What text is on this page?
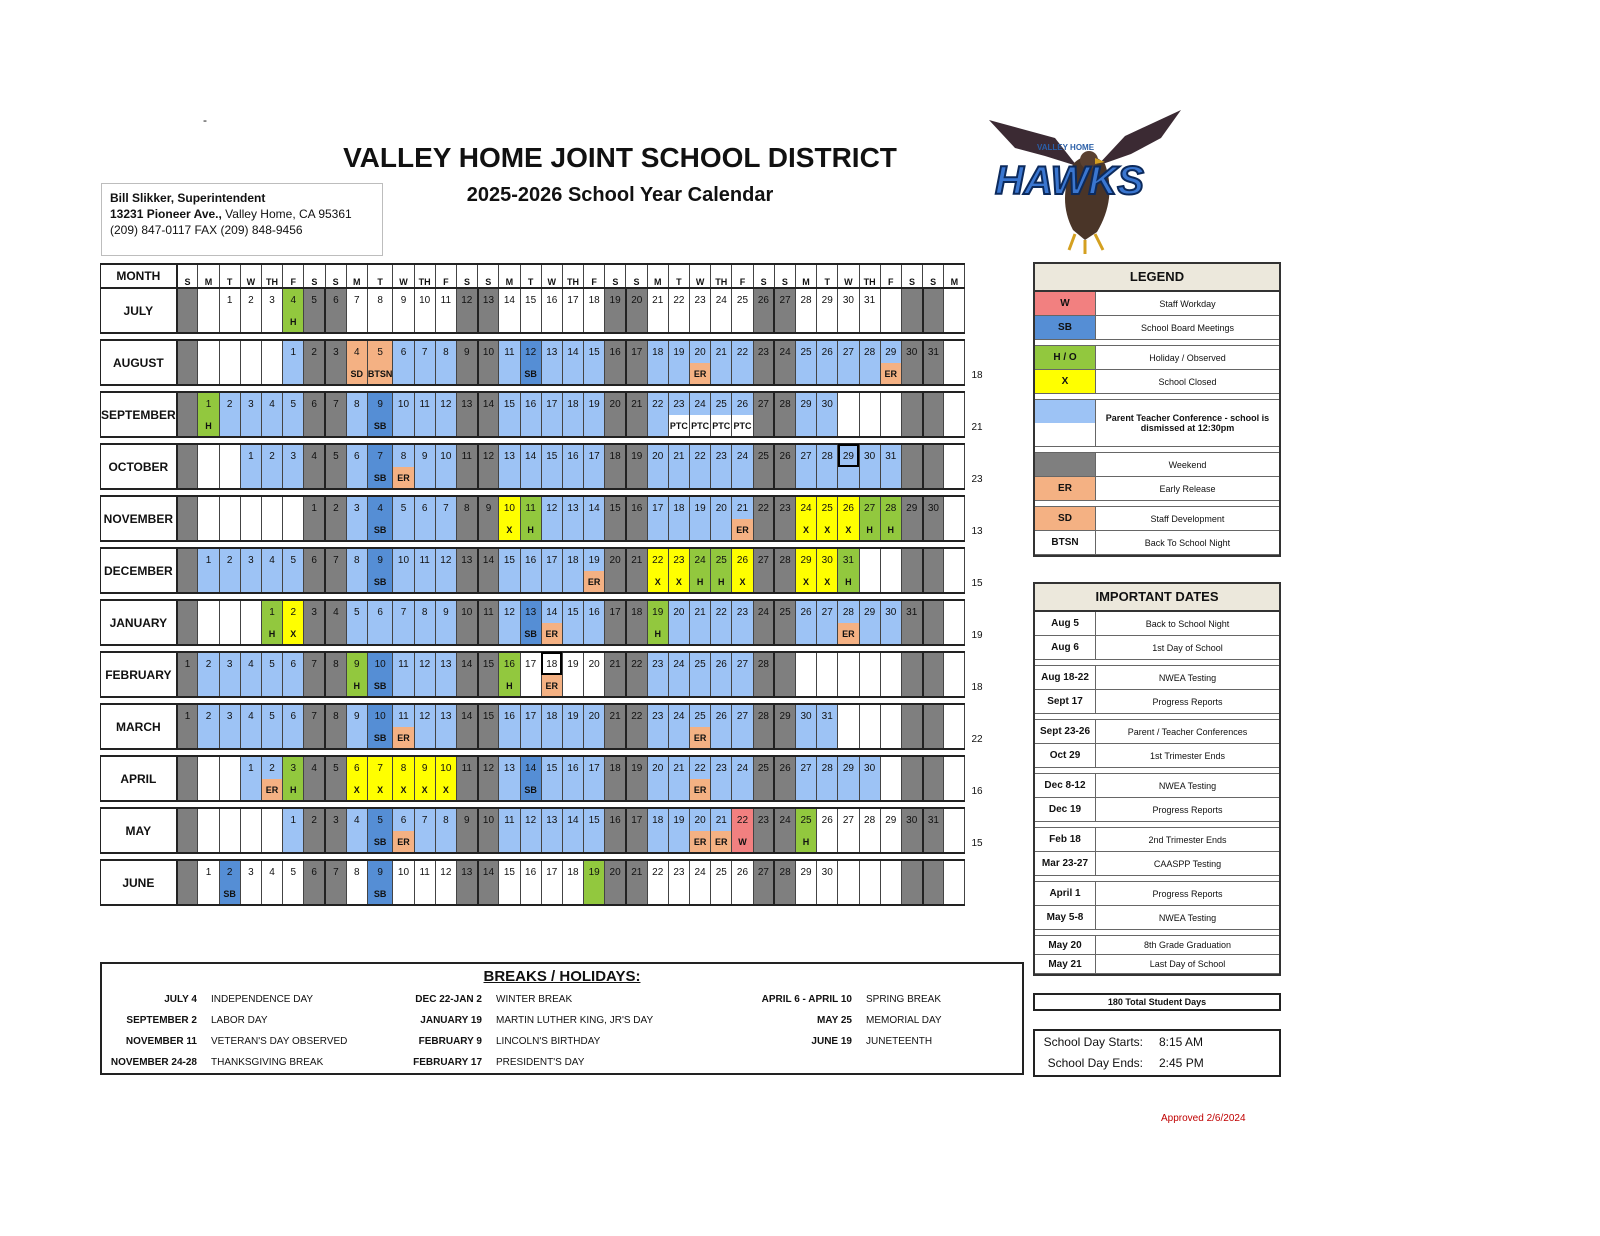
-
VALLEY HOME JOINT SCHOOL DISTRICT
2025-2026 School Year Calendar
Bill Slikker, Superintendent
13231 Pioneer Ave., Valley Home, CA 95361
(209) 847-0117 FAX (209) 848-9456
VALLEY HOME
HAWKS
MONTH	S	M	T	W	TH	F	S	S	M	T	W	TH	F	S	S	M	T	W	TH	F	S	S	M	T	W	TH	F	S	S	M	T	W	TH	F	S	S	M	
JULY			1	2	3	4	5	6	7	8	9	10	11	12	13	14	15	16	17	18	19	20	21	22	23	24	25	26	27	28	29	30	31					
						H																																

AUGUST						1	2	3	4	5	6	7	8	9	10	11	12	13	14	15	16	17	18	19	20	21	22	23	24	25	26	27	28	29	30	31		18
									SD	BTSN							SB								ER									ER				

SEPTEMBER		1	2	3	4	5	6	7	8	9	10	11	12	13	14	15	16	17	18	19	20	21	22	23	24	25	26	27	28	29	30							21
		H								SB														PTC	PTC	PTC	PTC											

OCTOBER				1	2	3	4	5	6	7	8	9	10	11	12	13	14	15	16	17	18	19	20	21	22	23	24	25	26	27	28	29	30	31				23
										SB	ER																											

NOVEMBER							1	2	3	4	5	6	7	8	9	10	11	12	13	14	15	16	17	18	19	20	21	22	23	24	25	26	27	28	29	30		13
										SB						X	H										ER			X	X	X	H	H				

DECEMBER		1	2	3	4	5	6	7	8	9	10	11	12	13	14	15	16	17	18	19	20	21	22	23	24	25	26	27	28	29	30	31						15
										SB										ER			X	X	H	H	X			X	X	H						

JANUARY					1	2	3	4	5	6	7	8	9	10	11	12	13	14	15	16	17	18	19	20	21	22	23	24	25	26	27	28	29	30	31			19
					H	X											SB	ER					H									ER						

FEBRUARY	1	2	3	4	5	6	7	8	9	10	11	12	13	14	15	16	17	18	19	20	21	22	23	24	25	26	27	28										18
									H	SB						H		ER																				

MARCH	1	2	3	4	5	6	7	8	9	10	11	12	13	14	15	16	17	18	19	20	21	22	23	24	25	26	27	28	29	30	31							22
										SB	ER														ER													

APRIL				1	2	3	4	5	6	7	8	9	10	11	12	13	14	15	16	17	18	19	20	21	22	23	24	25	26	27	28	29	30					16
					ER	H			X	X	X	X	X				SB								ER													

MAY						1	2	3	4	5	6	7	8	9	10	11	12	13	14	15	16	17	18	19	20	21	22	23	24	25	26	27	28	29	30	31		15
										SB	ER														ER	ER	W			H								

JUNE		1	2	3	4	5	6	7	8	9	10	11	12	13	14	15	16	17	18	19	20	21	22	23	24	25	26	27	28	29	30							
			SB							SB																												

LEGEND
W	Staff Workday
SB	School Board Meetings
H / O	Holiday / Observed
X	School Closed
Parent Teacher Conference - school is dismissed at 12:30pm
Weekend
ER	Early Release
SD	Staff Development
BTSN	Back To School Night
IMPORTANT DATES
Aug 5	Back to School Night
Aug 6	1st Day of School
Aug 18-22	NWEA Testing
Sept 17	Progress Reports
Sept 23-26	Parent / Teacher Conferences
Oct 29	1st Trimester Ends
Dec 8-12	NWEA Testing
Dec 19	Progress Reports
Feb 18	2nd Trimester Ends
Mar 23-27	CAASPP Testing
April 1	Progress Reports
May 5-8	NWEA Testing
May 20	8th Grade Graduation
May 21	Last Day of School
BREAKS / HOLIDAYS:
JULY 4 INDEPENDENCE DAY
SEPTEMBER 2 LABOR DAY
NOVEMBER 11 VETERAN'S DAY OBSERVED
NOVEMBER 24-28 THANKSGIVING BREAK
DEC 22-JAN 2 WINTER BREAK
JANUARY 19 MARTIN LUTHER KING, JR'S DAY
FEBRUARY 9 LINCOLN'S BIRTHDAY
FEBRUARY 17 PRESIDENT'S DAY
APRIL 6 - APRIL 10 SPRING BREAK
MAY 25 MEMORIAL DAY
JUNE 19 JUNETEENTH
180 Total Student Days
School Day Starts: 8:15 AM
School Day Ends: 2:45 PM
Approved 2/6/2024
